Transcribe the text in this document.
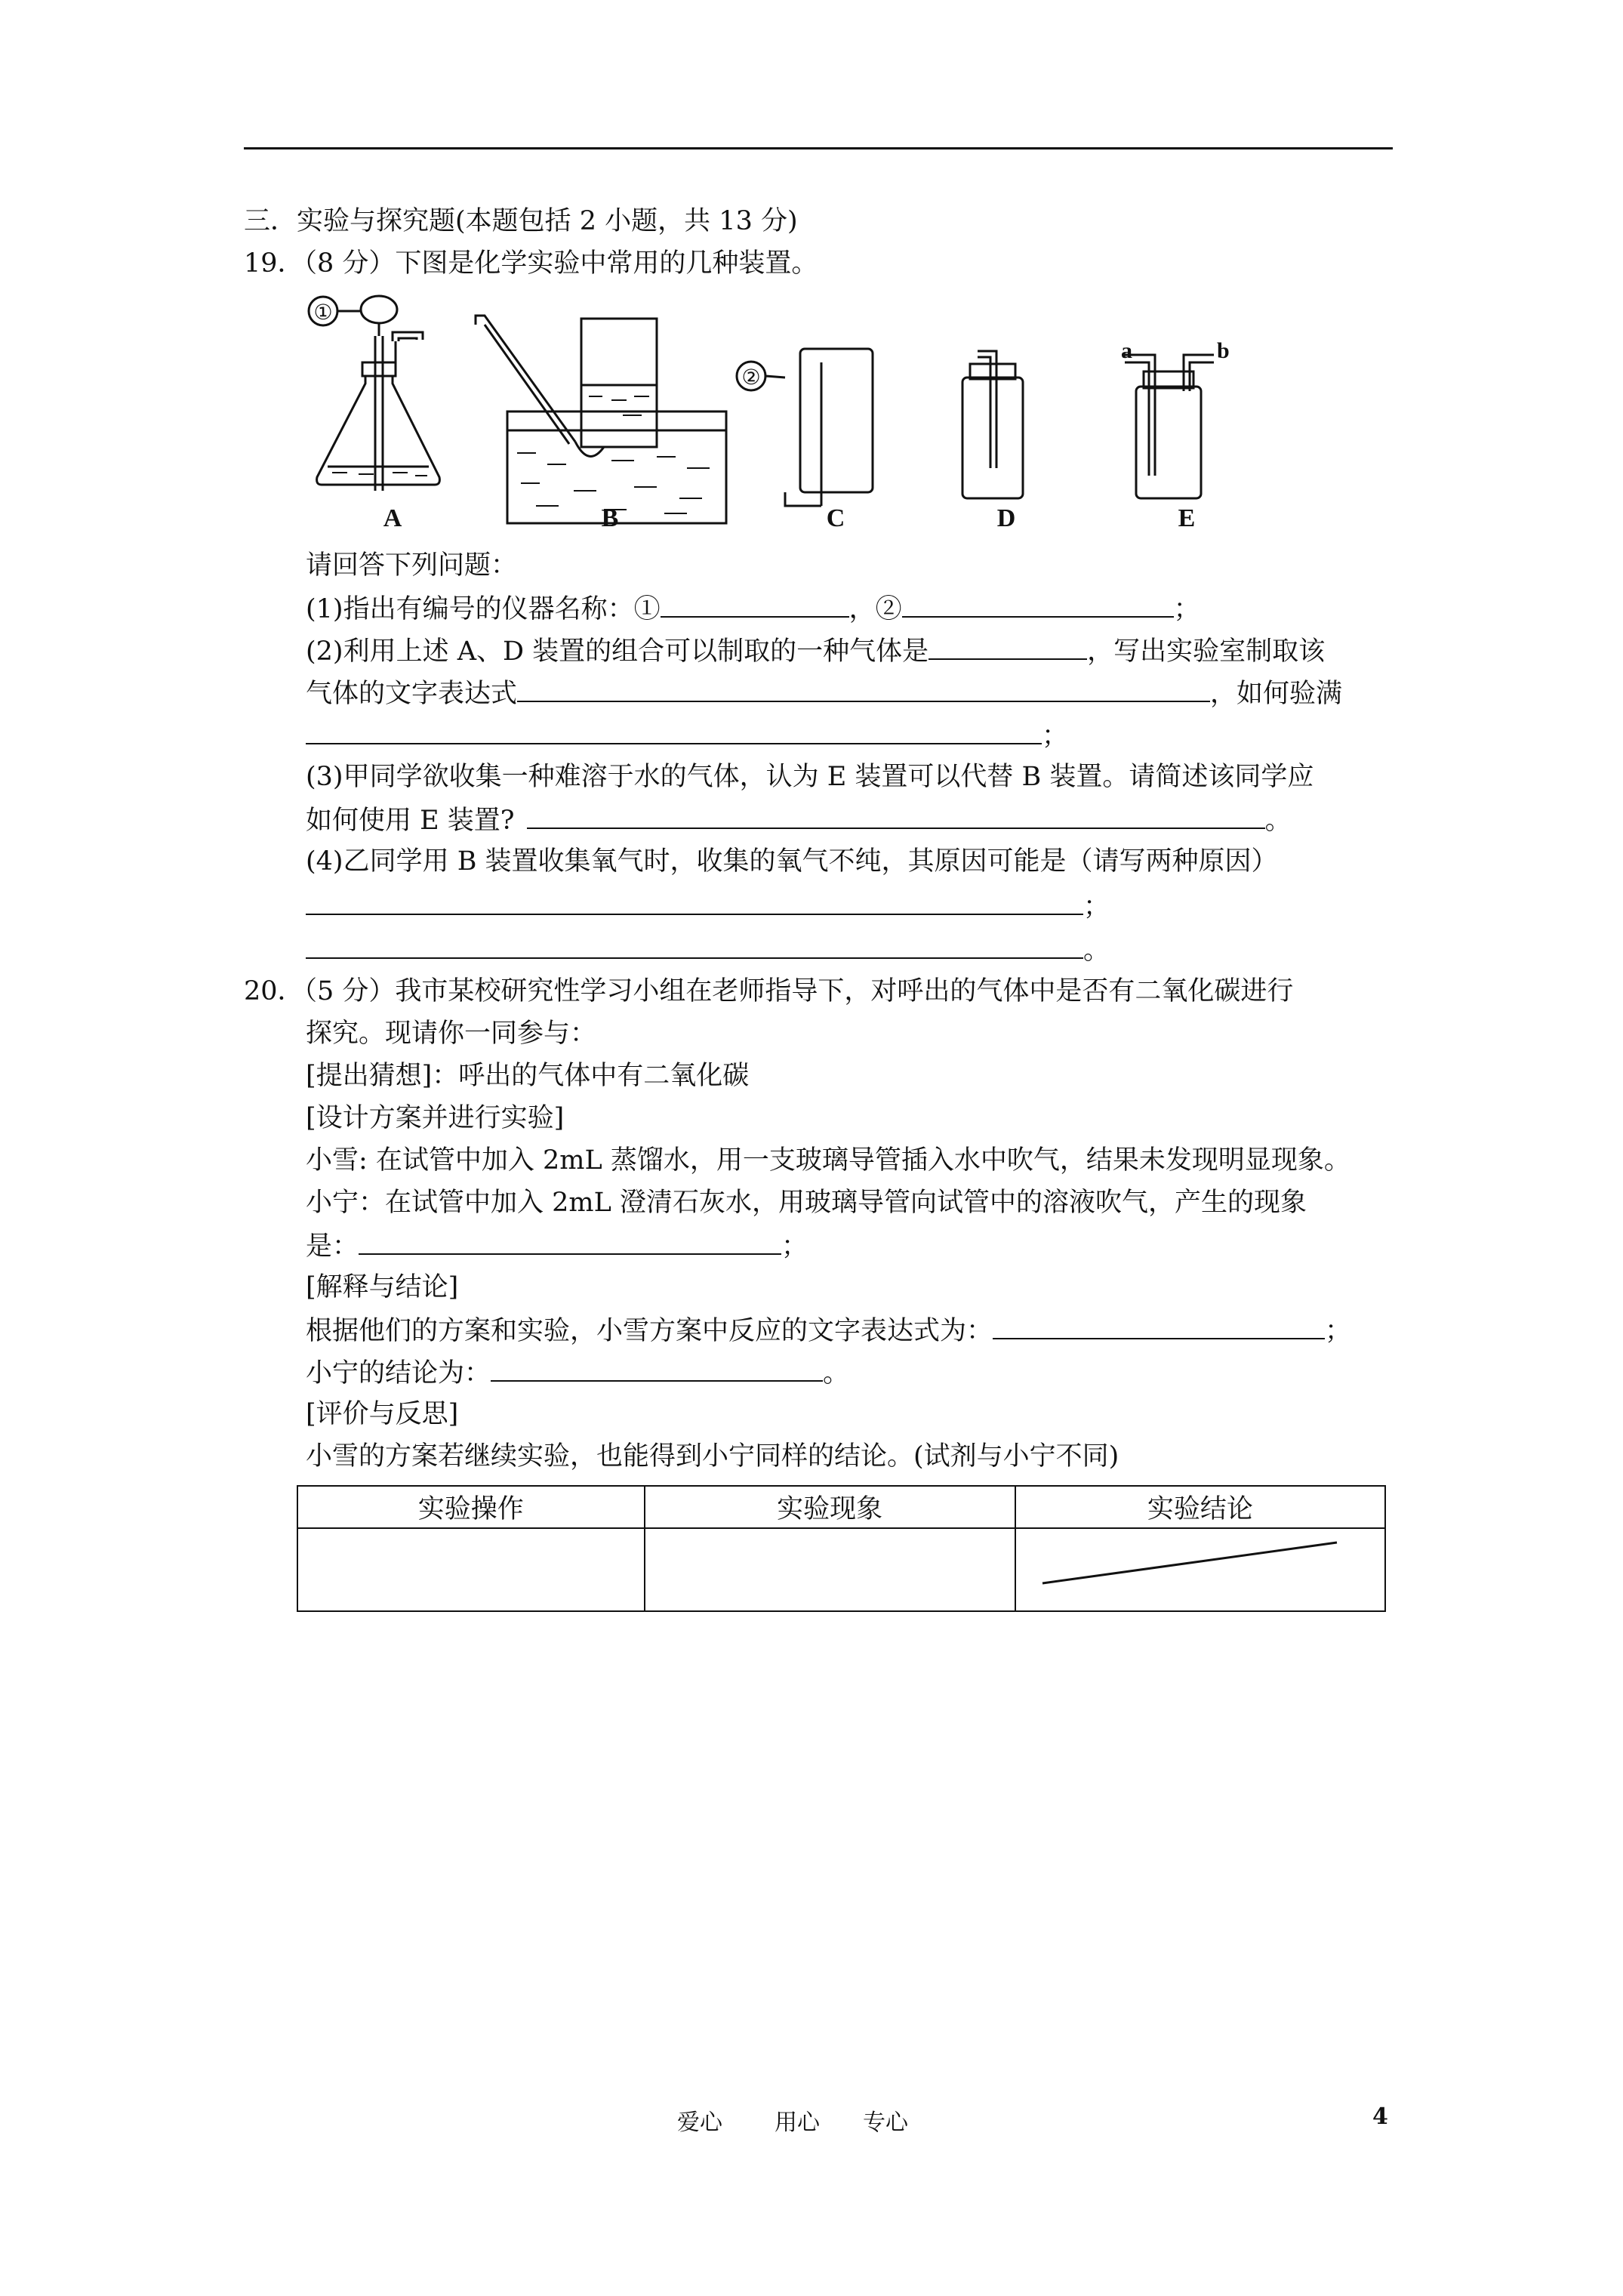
三．实验与探究题(本题包括 2 小题，共 13 分)
19．（8 分）下图是化学实验中常用的几种装置。
①
②
a	b
A	B	C	D	E
请回答下列问题：
(1)指出有编号的仪器名称：①	，②	；
(2)利用上述 A、D 装置的组合可以制取的一种气体是	，写出实验室制取该
气体的文字表达式	，如何验满
；
(3)甲同学欲收集一种难溶于水的气体，认为 E 装置可以代替 B 装置。请简述该同学应
如何使用 E 装置?	。
(4)乙同学用 B 装置收集氧气时，收集的氧气不纯，其原因可能是（请写两种原因）
；
。
20．（5 分）我市某校研究性学习小组在老师指导下，对呼出的气体中是否有二氧化碳进行
探究。现请你一同参与：
[提出猜想]：呼出的气体中有二氧化碳
[设计方案并进行实验]
小雪: 在试管中加入 2mL 蒸馏水，用一支玻璃导管插入水中吹气，结果未发现明显现象。
小宁：在试管中加入 2mL 澄清石灰水，用玻璃导管向试管中的溶液吹气，产生的现象
是：	；
[解释与结论]
根据他们的方案和实验，小雪方案中反应的文字表达式为：	；
小宁的结论为：	。
[评价与反思]
小雪的方案若继续实验，也能得到小宁同样的结论。(试剂与小宁不同)
实验操作	实验现象	实验结论

爱心 用心 专心	4
